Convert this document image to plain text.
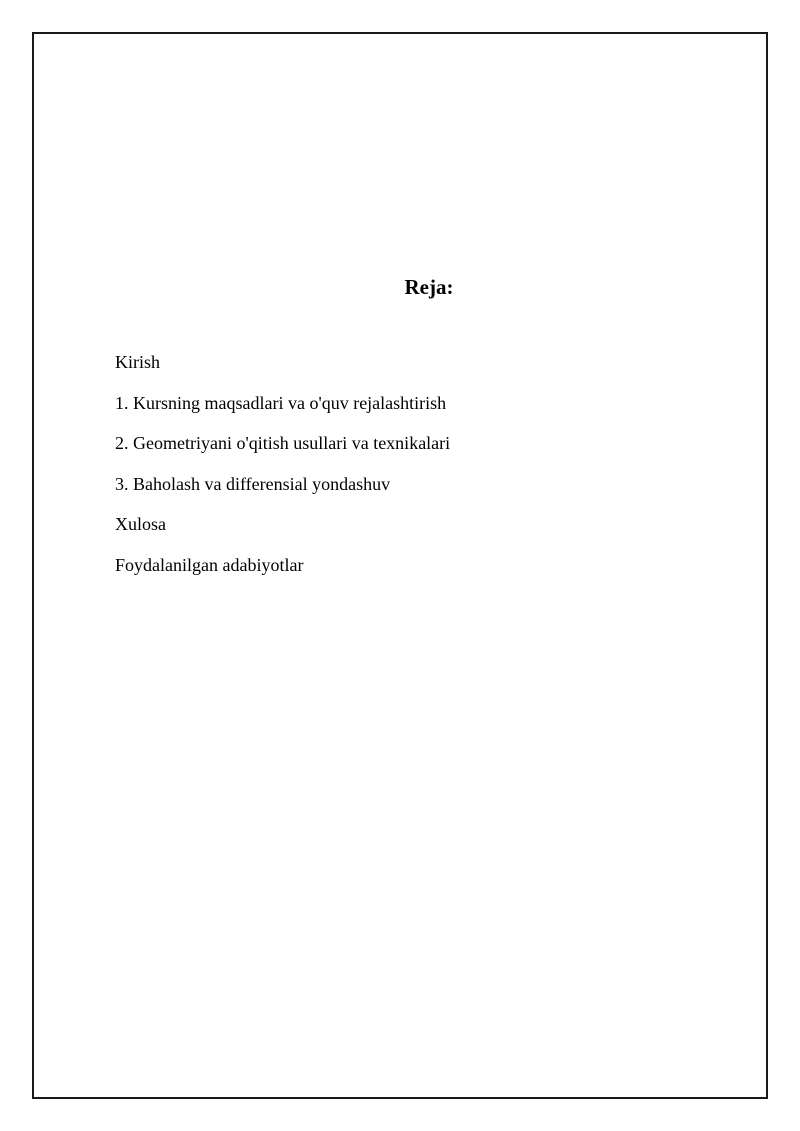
Reja:
Kirish
1. Kursning maqsadlari va o'quv rejalashtirish
2. Geometriyani o'qitish usullari va texnikalari
3. Baholash va differensial yondashuv
Xulosa
Foydalanilgan adabiyotlar
